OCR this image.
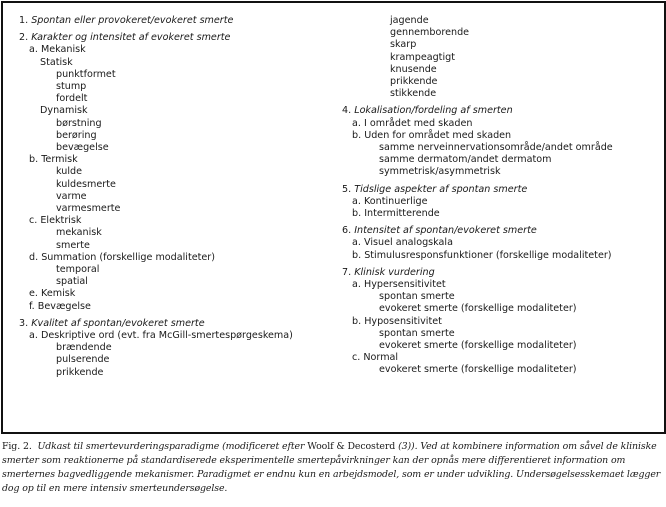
1. Spontan eller provokeret/evokeret smerte
2. Karakter og intensitet af evokeret smerte
a. Mekanisk
Statisk
punktformet
stump
fordelt
Dynamisk
børstning
berøring
bevægelse
b. Termisk
kulde
kuldesmerte
varme
varmesmerte
c. Elektrisk
mekanisk
smerte
d. Summation (forskellige modaliteter)
temporal
spatial
e. Kemisk
f. Bevægelse
3. Kvalitet af spontan/evokeret smerte
a. Deskriptive ord (evt. fra McGill-smertespørgeskema)
brændende
pulserende
prikkende
jagende
gennemborende
skarp
krampeagtigt
knusende
prikkende
stikkende
4. Lokalisation/fordeling af smerten
a. I området med skaden
b. Uden for området med skaden
samme nerveinnervationsområde/andet område
samme dermatom/andet dermatom
symmetrisk/asymmetrisk
5. Tidslige aspekter af spontan smerte
a. Kontinuerlige
b. Intermitterende
6. Intensitet af spontan/evokeret smerte
a. Visuel analogskala
b. Stimulusresponsfunktioner (forskellige modaliteter)
7. Klinisk vurdering
a. Hypersensitivitet
spontan smerte
evokeret smerte (forskellige modaliteter)
b. Hyposensitivitet
spontan smerte
evokeret smerte (forskellige modaliteter)
c. Normal
evokeret smerte (forskellige modaliteter)
Fig. 2. Udkast til smertevurderingsparadigme (modificeret efter Woolf & Decosterd (3)). Ved at kombinere information om såvel de kliniske smerter som reaktionerne på standardiserede eksperimentelle smertepåvirkninger kan der opnås mere differentieret information om smerternes bagvedliggende mekanismer. Paradigmet er endnu kun en arbejdsmodel, som er under udvikling. Undersøgelsesskemaet lægger dog op til en mere intensiv smerteundersøgelse.
